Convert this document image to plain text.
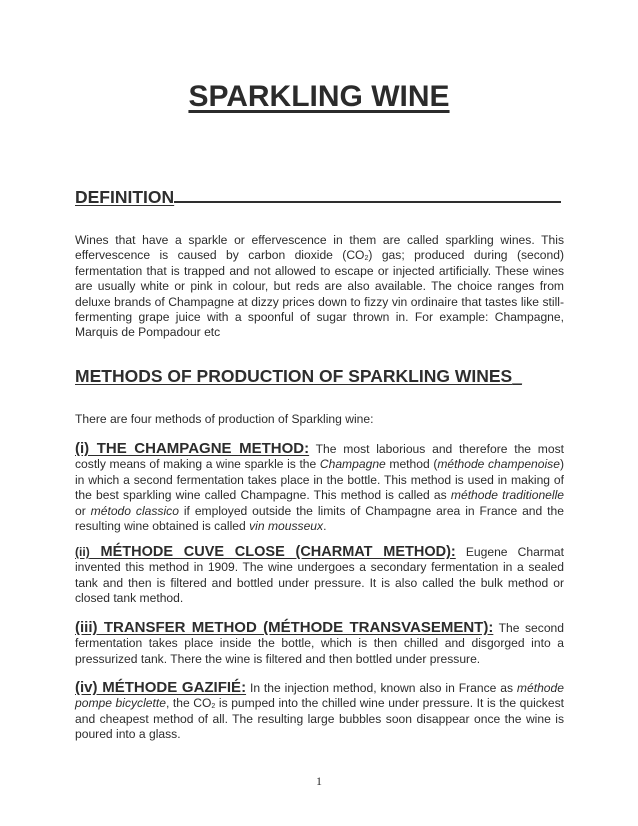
SPARKLING WINE
DEFINITION

Wines that have a sparkle or effervescence in them are called sparkling wines. This effervescence is caused by carbon dioxide $(CO_2)$ gas; produced during (second) fermentation that is trapped and not allowed to escape or injected artificially. These wines are usually white or pink in colour, but reds are also available. The choice ranges from deluxe brands of Champagne at dizzy prices down to fizzy vin ordinaire that tastes like still-fermenting grape juice with a spoonful of sugar thrown in. For example: Champagne, Marquis de Pompadour etc

METHODS OF PRODUCTION OF SPARKLING WINES_

There are four methods of production of Sparkling wine:

(i) THE CHAMPAGNE METHOD: The most laborious and therefore the most costly means of making a wine sparkle is the Champagne method (méthode champenoise) in which a second fermentation takes place in the bottle. This method is used in making of the best sparkling wine called Champagne. This method is called as méthode traditionelle or método classico if employed outside the limits of Champagne area in France and the resulting wine obtained is called vin mousseux.

(ii) MÉTHODE CUVE CLOSE (CHARMAT METHOD): Eugene Charmat invented this method in 1909. The wine undergoes a secondary fermentation in a sealed tank and then is filtered and bottled under pressure. It is also called the bulk method or closed tank method.

(iii) TRANSFER METHOD (MÉTHODE TRANSVASEMENT): The second fermentation takes place inside the bottle, which is then chilled and disgorged into a pressurized tank. There the wine is filtered and then bottled under pressure.

(iv) MÉTHODE GAZIFIÉ: In the injection method, known also in France as méthode pompe bicyclette, the $CO_2$ is pumped into the chilled wine under pressure. It is the quickest and cheapest method of all. The resulting large bubbles soon disappear once the wine is poured into a glass.

1
